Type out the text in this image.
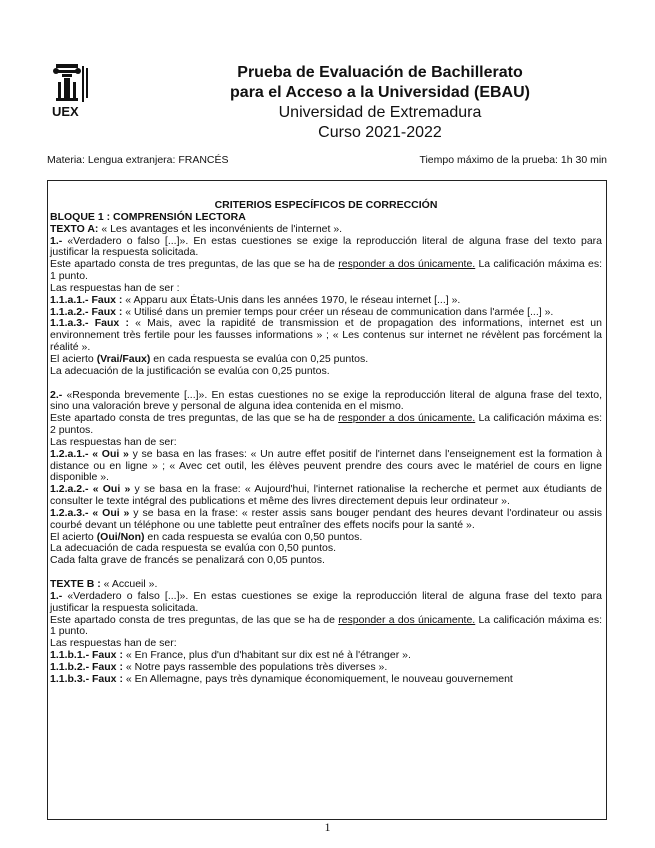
UEX
Prueba de Evaluación de Bachillerato
para el Acceso a la Universidad (EBAU)
Universidad de Extremadura
Curso 2021-2022
Materia: Lengua extranjera: FRANCÉS	Tiempo máximo de la prueba: 1h 30 min

CRITERIOS ESPECÍFICOS DE CORRECCIÓN

BLOQUE 1 : COMPRENSIÓN LECTORA

TEXTO A: « Les avantages et les inconvénients de l'internet ».

1.- «Verdadero o falso [...]». En estas cuestiones se exige la reproducción literal de alguna frase del texto para justificar la respuesta solicitada.

Este apartado consta de tres preguntas, de las que se ha de responder a dos únicamente. La calificación máxima es: 1 punto.

Las respuestas han de ser :

1.1.a.1.- Faux : « Apparu aux États-Unis dans les années 1970, le réseau internet [...] ».

1.1.a.2.- Faux : « Utilisé dans un premier temps pour créer un réseau de communication dans l'armée [...] ».

1.1.a.3.- Faux : « Mais, avec la rapidité de transmission et de propagation des informations, internet est un environnement très fertile pour les fausses informations » ; « Les contenus sur internet ne révèlent pas forcément la réalité ».

El acierto (Vrai/Faux) en cada respuesta se evalúa con 0,25 puntos.

La adecuación de la justificación se evalúa con 0,25 puntos.

2.- «Responda brevemente [...]». En estas cuestiones no se exige la reproducción literal de alguna frase del texto, sino una valoración breve y personal de alguna idea contenida en el mismo.

Este apartado consta de tres preguntas, de las que se ha de responder a dos únicamente. La calificación máxima es: 2 puntos.

Las respuestas han de ser:

1.2.a.1.- « Oui » y se basa en las frases: « Un autre effet positif de l'internet dans l'enseignement est la formation à distance ou en ligne » ; « Avec cet outil, les élèves peuvent prendre des cours avec le matériel de cours en ligne disponible ».

1.2.a.2.- « Oui » y se basa en la frase: « Aujourd'hui, l'internet rationalise la recherche et permet aux étudiants de consulter le texte intégral des publications et même des livres directement depuis leur ordinateur ».

1.2.a.3.- « Oui » y se basa en la frase: « rester assis sans bouger pendant des heures devant l'ordinateur ou assis courbé devant un téléphone ou une tablette peut entraîner des effets nocifs pour la santé ».

El acierto (Oui/Non) en cada respuesta se evalúa con 0,50 puntos.

La adecuación de cada respuesta se evalúa con 0,50 puntos.

Cada falta grave de francés se penalizará con 0,05 puntos.

TEXTE B : « Accueil ».

1.- «Verdadero o falso [...]». En estas cuestiones se exige la reproducción literal de alguna frase del texto para justificar la respuesta solicitada.

Este apartado consta de tres preguntas, de las que se ha de responder a dos únicamente. La calificación máxima es: 1 punto.

Las respuestas han de ser:

1.1.b.1.- Faux : « En France, plus d'un d'habitant sur dix est né à l'étranger ».

1.1.b.2.- Faux : « Notre pays rassemble des populations très diverses ».

1.1.b.3.- Faux : « En Allemagne, pays très dynamique économiquement, le nouveau gouvernement

1
